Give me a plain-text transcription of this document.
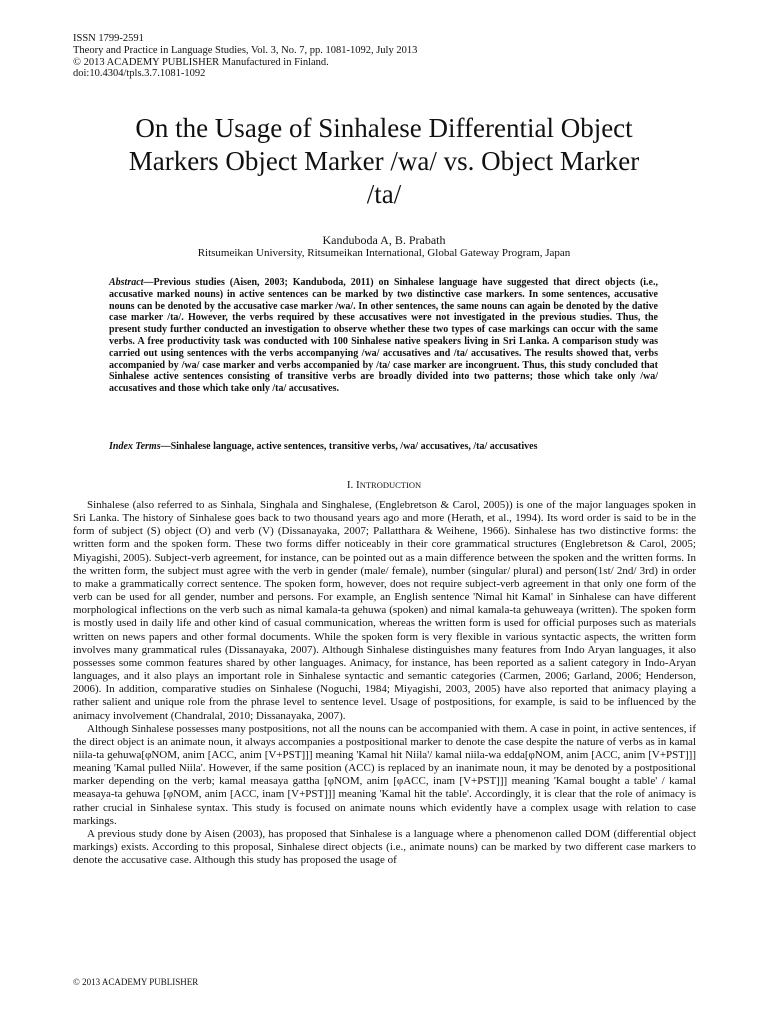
ISSN 1799-2591
Theory and Practice in Language Studies, Vol. 3, No. 7, pp. 1081-1092, July 2013
© 2013 ACADEMY PUBLISHER Manufactured in Finland.
doi:10.4304/tpls.3.7.1081-1092
On the Usage of Sinhalese Differential Object
Markers Object Marker /wa/ vs. Object Marker
/ta/
Kanduboda A, B. Prabath
Ritsumeikan University, Ritsumeikan International, Global Gateway Program, Japan
Abstract—Previous studies (Aisen, 2003; Kanduboda, 2011) on Sinhalese language have suggested that direct objects (i.e., accusative marked nouns) in active sentences can be marked by two distinctive case markers. In some sentences, accusative nouns can be denoted by the accusative case marker /wa/. In other sentences, the same nouns can again be denoted by the dative case marker /ta/. However, the verbs required by these accusatives were not investigated in the previous studies. Thus, the present study further conducted an investigation to observe whether these two types of case markings can occur with the same verbs. A free productivity task was conducted with 100 Sinhalese native speakers living in Sri Lanka. A comparison study was carried out using sentences with the verbs accompanying /wa/ accusatives and /ta/ accusatives. The results showed that, verbs accompanied by /wa/ case marker and verbs accompanied by /ta/ case marker are incongruent. Thus, this study concluded that Sinhalese active sentences consisting of transitive verbs are broadly divided into two patterns; those which take only /wa/ accusatives and those which take only /ta/ accusatives.
Index Terms—Sinhalese language, active sentences, transitive verbs, /wa/ accusatives, /ta/ accusatives
I. INTRODUCTION

Sinhalese (also referred to as Sinhala, Singhala and Singhalese, (Englebretson & Carol, 2005)) is one of the major languages spoken in Sri Lanka. The history of Sinhalese goes back to two thousand years ago and more (Herath, et al., 1994). Its word order is said to be in the form of subject (S) object (O) and verb (V) (Dissanayaka, 2007; Pallatthara & Weihene, 1966). Sinhalese has two distinctive forms: the written form and the spoken form. These two forms differ noticeably in their core grammatical structures (Englebretson & Carol, 2005; Miyagishi, 2005). Subject-verb agreement, for instance, can be pointed out as a main difference between the spoken and the written forms. In the written form, the subject must agree with the verb in gender (male/ female), number (singular/ plural) and person(1st/ 2nd/ 3rd) in order to make a grammatically correct sentence. The spoken form, however, does not require subject-verb agreement in that only one form of the verb can be used for all gender, number and persons. For example, an English sentence 'Nimal hit Kamal' in Sinhalese can have different morphological inflections on the verb such as nimal kamala-ta gehuwa (spoken) and nimal kamala-ta gehuweaya (written). The spoken form is mostly used in daily life and other kind of casual communication, whereas the written form is used for official purposes such as materials written on news papers and other formal documents. While the spoken form is very flexible in various syntactic aspects, the written form involves many grammatical rules (Dissanayaka, 2007). Although Sinhalese distinguishes many features from Indo Aryan languages, it also possesses some common features shared by other languages. Animacy, for instance, has been reported as a salient category in Indo-Aryan languages, and it also plays an important role in Sinhalese syntactic and semantic categories (Carmen, 2006; Garland, 2006; Henderson, 2006). In addition, comparative studies on Sinhalese (Noguchi, 1984; Miyagishi, 2003, 2005) have also reported that animacy playing a rather salient and unique role from the phrase level to sentence level. Usage of postpositions, for example, is said to be influenced by the animacy involvement (Chandralal, 2010; Dissanayaka, 2007).

Although Sinhalese possesses many postpositions, not all the nouns can be accompanied with them. A case in point, in active sentences, if the direct object is an animate noun, it always accompanies a postpositional marker to denote the case despite the nature of verbs as in kamal niila-ta gehuwa[φNOM, anim [ACC, anim [V+PST]]] meaning 'Kamal hit Niila'/ kamal niila-wa edda[φNOM, anim [ACC, anim [V+PST]]] meaning 'Kamal pulled Niila'. However, if the same position (ACC) is replaced by an inanimate noun, it may be denoted by a postpositional marker depending on the verb; kamal measaya gattha [φNOM, anim [φACC, inam [V+PST]]] meaning 'Kamal bought a table' / kamal measaya-ta gehuwa [φNOM, anim [ACC, inam [V+PST]]] meaning 'Kamal hit the table'. Accordingly, it is clear that the role of animacy is rather crucial in Sinhalese syntax. This study is focused on animate nouns which evidently have a complex usage with relation to case markings.

A previous study done by Aisen (2003), has proposed that Sinhalese is a language where a phenomenon called DOM (differential object markings) exists. According to this proposal, Sinhalese direct objects (i.e., animate nouns) can be marked by two different case markers to denote the accusative case. Although this study has proposed the usage of

© 2013 ACADEMY PUBLISHER
